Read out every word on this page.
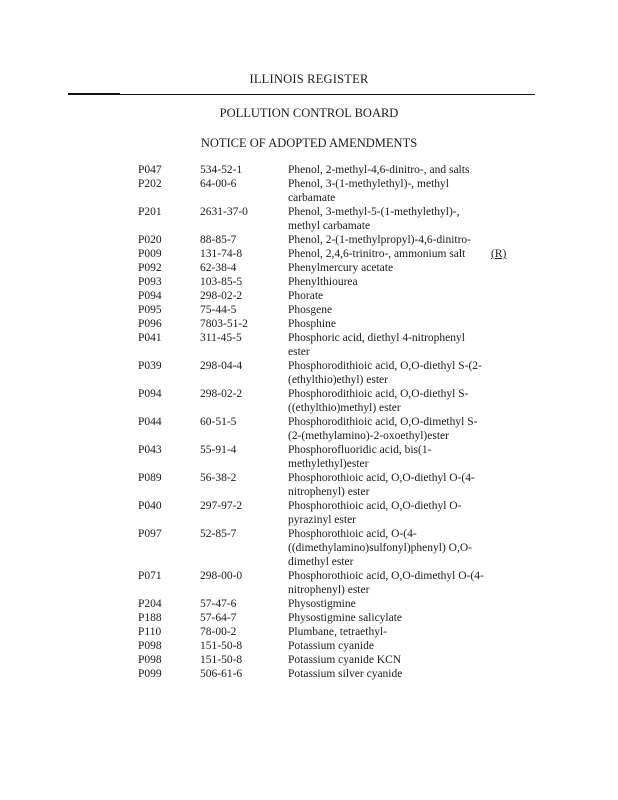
ILLINOIS REGISTER
POLLUTION CONTROL BOARD
NOTICE OF ADOPTED AMENDMENTS
P047	534-52-1	Phenol, 2-methyl-4,6-dinitro-, and salts
P202	64-00-6	Phenol, 3-(1-methylethyl)-, methyl carbamate
P201	2631-37-0	Phenol, 3-methyl-5-(1-methylethyl)-, methyl carbamate
P020	88-85-7	Phenol, 2-(1-methylpropyl)-4,6-dinitro-
P009	131-74-8	Phenol, 2,4,6-trinitro-, ammonium salt	(R)
P092	62-38-4	Phenylmercury acetate
P093	103-85-5	Phenylthiourea
P094	298-02-2	Phorate
P095	75-44-5	Phosgene
P096	7803-51-2	Phosphine
P041	311-45-5	Phosphoric acid, diethyl 4-nitrophenyl ester
P039	298-04-4	Phosphorodithioic acid, O,O-diethyl S-(2-(ethylthio)ethyl) ester
P094	298-02-2	Phosphorodithioic acid, O,O-diethyl S-((ethylthio)methyl) ester
P044	60-51-5	Phosphorodithioic acid, O,O-dimethyl S-(2-(methylamino)-2-oxoethyl)ester
P043	55-91-4	Phosphorofluoridic acid, bis(1-methylethyl)ester
P089	56-38-2	Phosphorothioic acid, O,O-diethyl O-(4-nitrophenyl) ester
P040	297-97-2	Phosphorothioic acid, O,O-diethyl O-pyrazinyl ester
P097	52-85-7	Phosphorothioic acid, O-(4-((dimethylamino)sulfonyl)phenyl) O,O-dimethyl ester
P071	298-00-0	Phosphorothioic acid, O,O-dimethyl O-(4-nitrophenyl) ester
P204	57-47-6	Physostigmine
P188	57-64-7	Physostigmine salicylate
P110	78-00-2	Plumbane, tetraethyl-
P098	151-50-8	Potassium cyanide
P098	151-50-8	Potassium cyanide KCN
P099	506-61-6	Potassium silver cyanide
